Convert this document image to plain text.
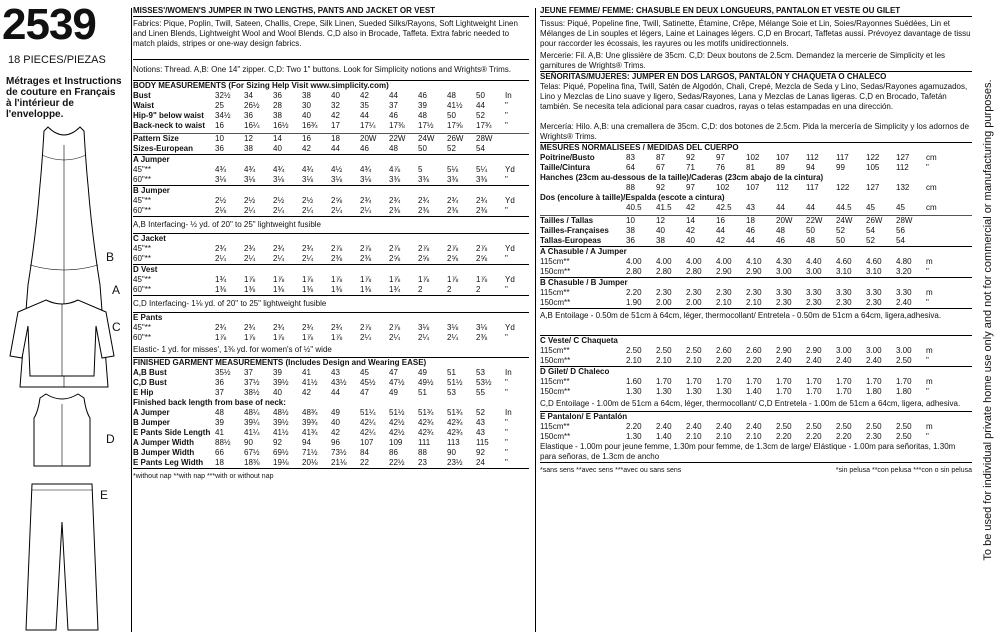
2539
18 PIECES/PIEZAS
Métrages et Instructions de couture en Français à l'intérieur de l'enveloppe.
B
A
C
D
E
MISSES'/WOMEN'S JUMPER IN TWO LENGTHS, PANTS AND JACKET OR VEST
Fabrics: Pique, Poplin, Twill, Sateen, Challis, Crepe, Silk Linen, Sueded Silks/Rayons, Soft Lightweight Linen and Linen Blends, Lightweight Wool and Wool Blends. C,D also in Brocade, Taffeta. Extra fabric needed to match plaids, stripes or one-way design fabrics.
Notions: Thread. A,B: One 14" zipper. C,D: Two 1" buttons. Look for Simplicity notions and Wrights® Trims.
BODY MEASUREMENTS (For Sizing Help Visit www.simplicity.com)
Bust	32½	34	36	38	40	42	44	46	48	50	In
Waist	25	26½	28	30	32	35	37	39	41½	44	"
Hip-9" below waist	34½	36	38	40	42	44	46	48	50	52	"
Back-neck to waist	16	16¼	16½	16¾	17	17¼	17⅜	17½	17⅝	17¾	"
Pattern Size	10	12	14	16	18	20W	22W	24W	26W	28W
Sizes-European	36	38	40	42	44	46	48	50	52	54
A Jumper
45"**	4¾	4¾	4¾	4¾	4½	4¾	4⅞	5	5⅛	5¼	Yd
60"**	3⅛	3⅛	3⅛	3⅛	3⅛	3⅛	3⅜	3⅜	3⅜	3⅜	"
B Jumper
45"**	2½	2½	2½	2½	2⅝	2¾	2¾	2¾	2¾	2¾	Yd
60"**	2⅛	2¼	2¼	2¼	2¼	2¼	2⅜	2⅜	2⅜	2⅜	"
A,B Interfacing- ½ yd. of 20" to 25" lightweight fusible
C Jacket
45"**	2¾	2¾	2¾	2¾	2⅞	2⅞	2⅞	2⅞	2⅞	2⅞	Yd
60"**	2¼	2¼	2¼	2¼	2⅜	2⅜	2⅝	2⅝	2⅝	2⅝	"
D Vest
45"**	1¾	1⅞	1⅞	1⅞	1⅞	1⅞	1⅞	1⅞	1⅞	1⅞	Yd
60"**	1⅜	1⅜	1⅜	1⅜	1⅜	1⅜	1¾	2	2	2	"
C,D Interfacing- 1⅛ yd. of 20" to 25" lightweight fusible
E Pants
45"**	2¾	2¾	2¾	2¾	2¾	2⅞	2⅞	3⅛	3⅛	3⅛	Yd
60"**	1⅞	1⅞	1⅞	1⅞	1⅞	2¼	2¼	2¼	2¼	2⅜	"
Elastic- 1 yd. for misses', 1⅜ yd. for women's of ½" wide
FINISHED GARMENT MEASUREMENTS (Includes Design and Wearing EASE)
A,B Bust	35½	37	39	41	43	45	47	49	51	53	In
C,D Bust	36	37½	39½	41½	43½	45½	47½	49½	51½	53½	"
E Hip	37	38½	40	42	44	47	49	51	53	55	"
Finished back length from base of neck:
A Jumper	48	48¼	48½	48¾	49	51¼	51½	51¾	51¾	52	In
B Jumper	39	39¼	39½	39¾	40	42¼	42½	42¾	42¾	43	"
E Pants Side Length 41	41¼	41½	41¾	42	42¼	42½	42¾	42¾	43	"
A Jumper Width	88½	90	92	94	96	107	109	111	113	115	"
B Jumper Width	66	67½	69½	71½	73½	84	86	88	90	92	"
E Pants Leg Width	18	18⅜	19⅛	20⅛	21⅛	22	22½	23	23½	24	"
*without nap **with nap ***with or without nap
JEUNE FEMME/ FEMME: CHASUBLE EN DEUX LONGUEURS, PANTALON ET VESTE OU GILET
Tissus: Piqué, Popeline fine, Twill, Satinette, Étamine, Crêpe, Mélange Soie et Lin, Soies/Rayonnes Suédées, Lin et Mélanges de Lin souples et légers, Laine et Lainages légers. C,D en Brocart, Taffetas aussi. Prévoyez davantage de tissu pour raccorder les écossais, les rayures ou les motifs unidirectionnels.
Mercerie: Fil. A,B: Une glissière de 35cm. C,D: Deux boutons de 2.5cm. Demandez la mercerie de Simplicity et les garnitures de Wrights® Trims.
SEÑORITAS/MUJERES: JUMPER EN DOS LARGOS, PANTALÓN Y CHAQUETA O CHALECO
Telas: Piqué, Popelina fina, Twill, Satén de Algodón, Chali, Crepé, Mezcla de Seda y Lino, Sedas/Rayones agamuzados, Lino y Mezclas de Lino suave y ligero, Sedas/Rayones, Lana y Mezclas de Lanas ligeras. C,D en Brocado, Tafetán también. Se necesita tela adicional para casar cuadros, rayas o telas estampadas en una dirección.
Mercería: Hilo. A,B: una cremallera de 35cm. C,D: dos botones de 2.5cm. Pida la mercería de Simplicity y los adornos de Wrights® Trims.
MESURES NORMALISEES / MEDIDAS DEL CUERPO
Poitrine/Busto	83	87	92	97	102	107	112	117	122	127	cm
Taille/Cintura	64	67	71	76	81	89	94	99	105	112	"
Hanches (23cm au-dessous de la taille)/Caderas (23cm abajo de la cintura)
88	92	97	102	107	112	117	122	127	132	cm
Dos (encolure à taille)/Espalda (escote a cintura)
40.5	41.5	42	42.5	43	44	44	44.5	45	45	cm
Tailles / Tallas	10	12	14	16	18	20W	22W	24W	26W	28W
Tailles-Françaises	38	40	42	44	46	48	50	52	54	56
Tallas-Europeas	36	38	40	42	44	46	48	50	52	54
A Chasuble / A Jumper
115cm**	4.00	4.00	4.00	4.00	4.10	4.30	4.40	4.60	4.60	4.80	m
150cm**	2.80	2.80	2.80	2.90	2.90	3.00	3.00	3.10	3.10	3.20	"
B Chasuble / B Jumper
115cm**	2.20	2.30	2.30	2.30	2.30	3.30	3.30	3.30	3.30	3.30	m
150cm**	1.90	2.00	2.00	2.10	2.10	2.30	2.30	2.30	2.30	2.40	"
A,B Entoilage - 0.50m de 51cm à 64cm, léger, thermocollant/ Entretela - 0.50m de 51cm a 64cm, ligera,adhesiva.
C Veste/ C Chaqueta
115cm**	2.50	2.50	2.50	2.60	2.60	2.90	2.90	3.00	3.00	3.00	m
150cm**	2.10	2.10	2.10	2.20	2.20	2.40	2.40	2.40	2.40	2.50	"
D Gilet/ D Chaleco
115cm**	1.60	1.70	1.70	1.70	1.70	1.70	1.70	1.70	1.70	1.70	m
150cm**	1.30	1.30	1.30	1.30	1.40	1.70	1.70	1.70	1.80	1.80	"
C,D Entoilage - 1.00m de 51cm a 64cm, léger, thermocollant/ C,D Entretela - 1.00m de 51cm a 64cm, ligera, adhesiva.
E Pantalon/ E Pantalón
115cm**	2.20	2.40	2.40	2.40	2.40	2.50	2.50	2.50	2.50	2.50	m
150cm**	1.30	1.40	2.10	2.10	2.10	2.20	2.20	2.20	2.30	2.50	"
Elastique - 1.00m pour jeune femme, 1.30m pour femme, de 1.3cm de large/ Elástique - 1.00m para señoritas, 1.30m para señoras, de 1.3cm de ancho
*sans sens **avec sens ***avec ou sans sens	*sin pelusa **con pelusa ***con o sin pelusa To be used for individual private home use only and not for commercial or manufacturing purposes.
